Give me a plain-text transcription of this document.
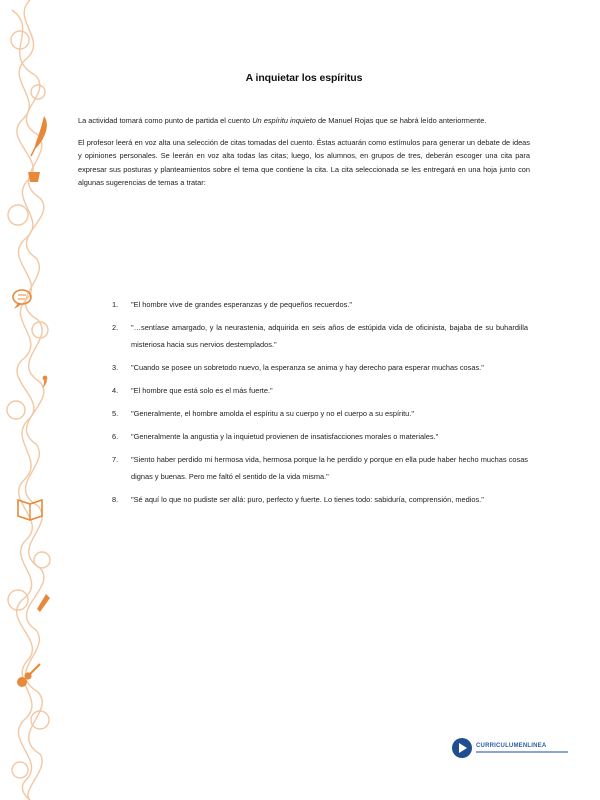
A inquietar los espíritus

La actividad tomará como punto de partida el cuento Un espíritu inquieto de Manuel Rojas que se habrá leído anteriormente.

El profesor leerá en voz alta una selección de citas tomadas del cuento. Éstas actuarán como estímulos para generar un debate de ideas y opiniones personales. Se leerán en voz alta todas las citas; luego, los alumnos, en grupos de tres, deberán escoger una cita para expresar sus posturas y planteamientos sobre el tema que contiene la cita. La cita seleccionada se les entregará en una hoja junto con algunas sugerencias de temas a tratar:

1.	"El hombre vive de grandes esperanzas y de pequeños recuerdos."
2.	"…sentíase amargado, y la neurastenia, adquirida en seis años de estúpida vida de oficinista, bajaba de su buhardilla misteriosa hacia sus nervios destemplados."
3.	"Cuando se posee un sobretodo nuevo, la esperanza se anima y hay derecho para esperar muchas cosas."
4.	"El hombre que está solo es el más fuerte."
5.	"Generalmente, el hombre amolda el espíritu a su cuerpo y no el cuerpo a su espíritu."
6.	"Generalmente la angustia y la inquietud provienen de insatisfacciones morales o materiales."
7.	"Siento haber perdido mi hermosa vida, hermosa porque la he perdido y porque en ella pude haber hecho muchas cosas dignas y buenas. Pero me faltó el sentido de la vida misma."
8.	"Sé aquí lo que no pudiste ser allá: puro, perfecto y fuerte. Lo tienes todo: sabiduría, comprensión, medios."
CURRICULUMENLINEA
